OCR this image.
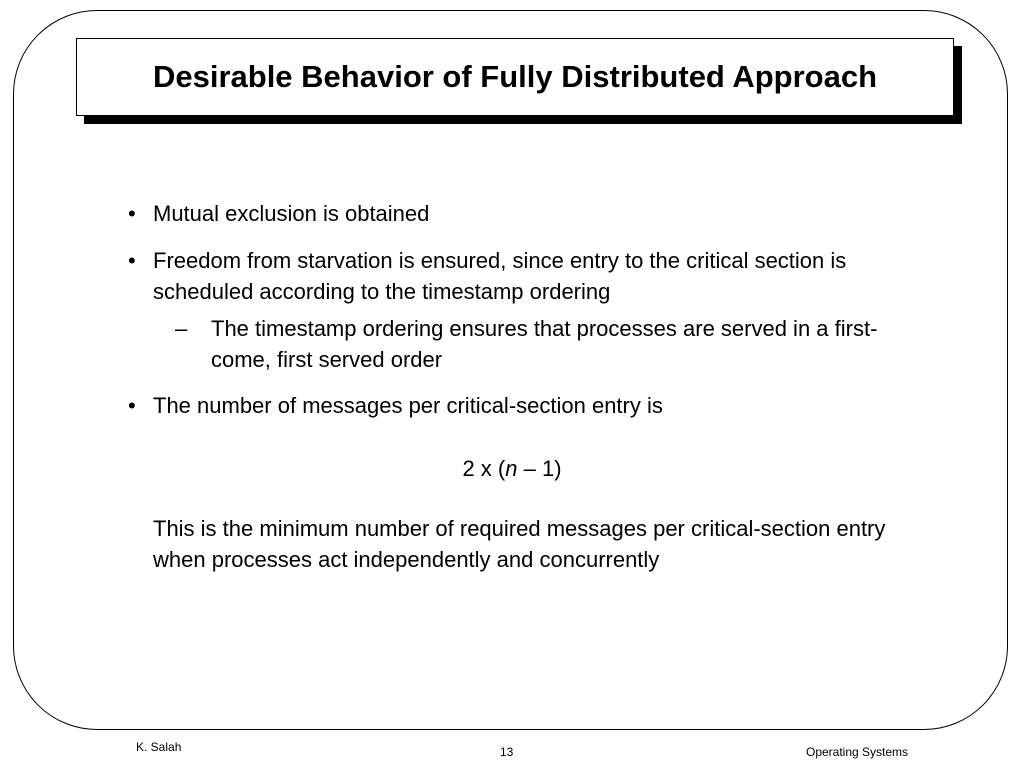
Desirable Behavior of Fully Distributed Approach
• Mutual exclusion is obtained
• Freedom from starvation is ensured, since entry to the critical section is scheduled according to the timestamp ordering
– The timestamp ordering ensures that processes are served in a first-come, first served order
• The number of messages per critical-section entry is
2 x (n – 1)
This is the minimum number of required messages per critical-section entry when processes act independently and concurrently
K. Salah	13	Operating Systems
